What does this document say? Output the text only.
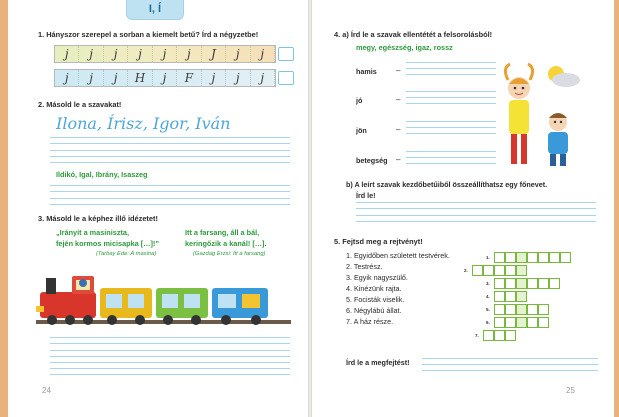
I, Í
1. Hányszor szerepel a sorban a kiemelt betű? Írd a négyzetbe!
j	j	j	j	j	j	J	j	j
j	j	j	H	j	F	j	j	j
2. Másold le a szavakat!
Ilona, Írisz, Igor, Iván
Ildikó, Igal, Ibrány, Isaszeg
3. Másold le a képhez illő idézetet!
„Irányít a masiniszta,
fején kormos micisapka […]!”
(Tarbay Ede: A masina)
Itt a farsang, áll a bál,
keringőzik a kanál! […].
(Gazdag Erzsi: Itt a farsang)
24
4. a) Írd le a szavak ellentétét a felsorolásból!
megy, egészség, igaz, rossz
hamis –
jó	–
jön	–
betegség –
b) A leírt szavak kezdőbetűiből összeállíthatsz egy főnevet.
Írd le!
5. Fejtsd meg a rejtvényt!
1. Egyidőben született testvérek.
2. Testrész.
3. Egyik nagyszülő.
4. Kinézünk rajta.
5. Focisták viselik.
6. Négylábú állat.
7. A ház része.
1.
2.
3.
4.
5.
6.
7.
Írd le a megfejtést!
25
